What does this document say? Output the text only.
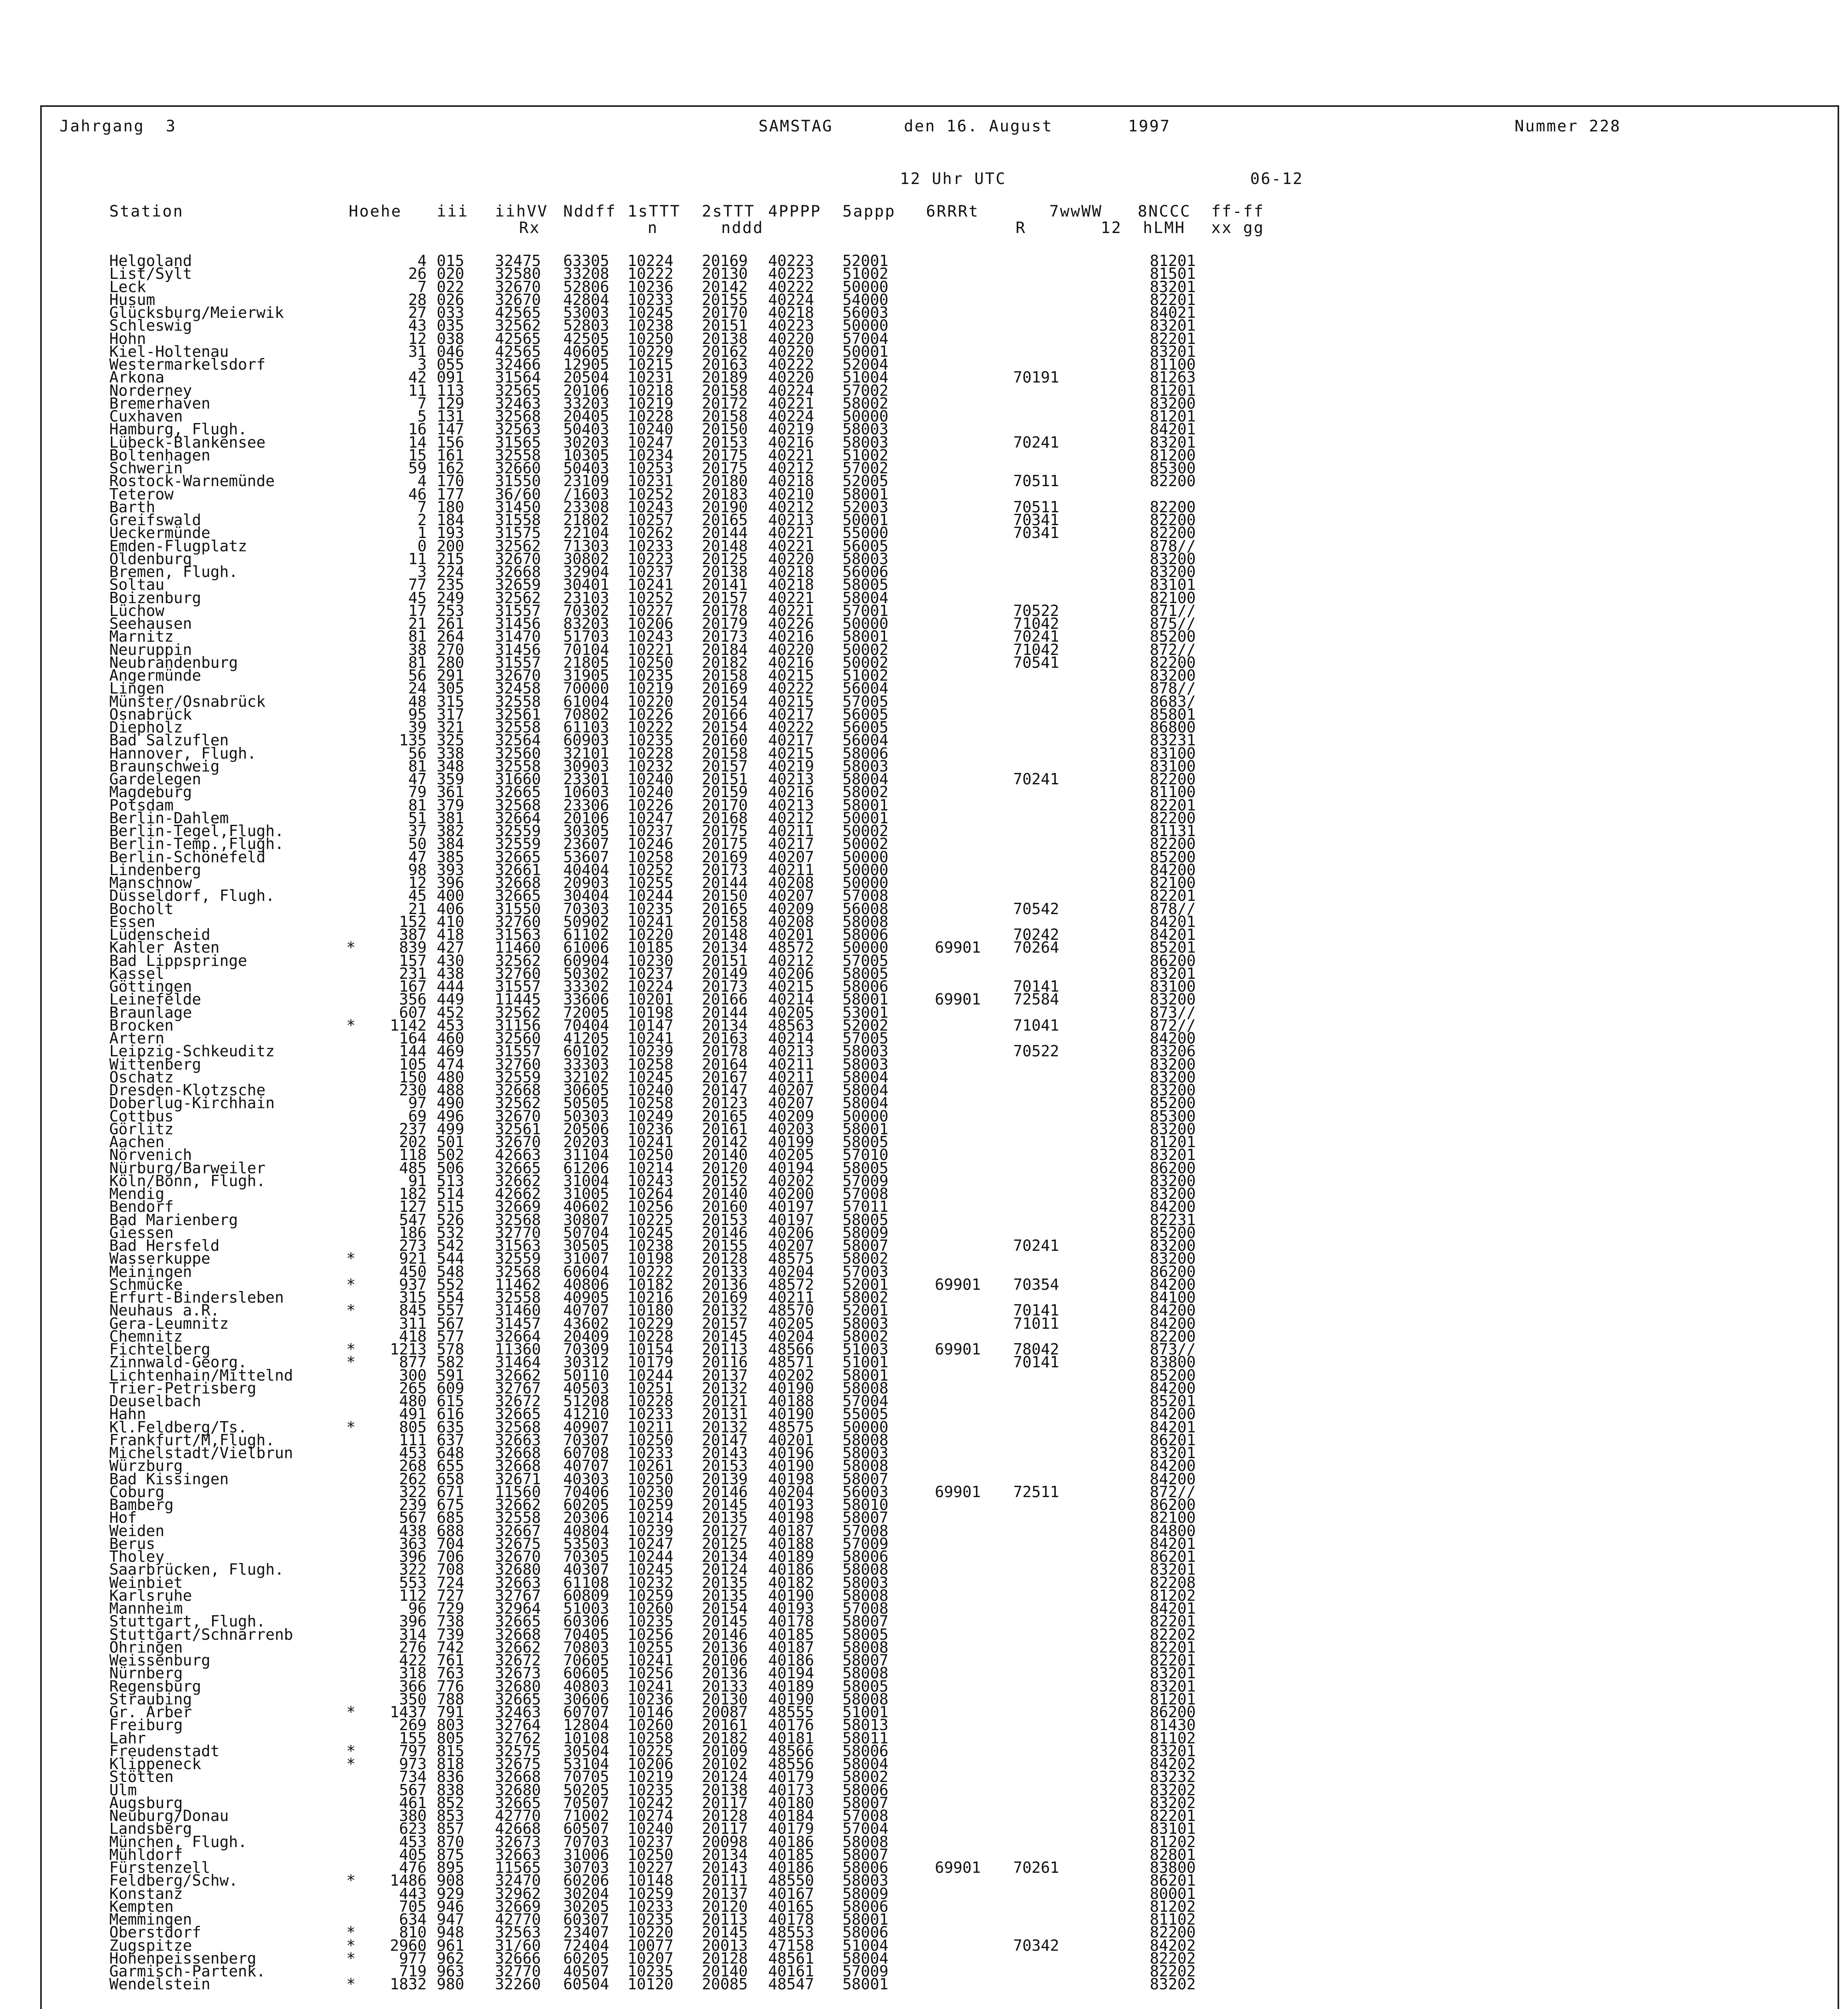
Jahrgang  3	SAMSTAG	den 16. August	1997	Nummer 228
12 Uhr UTC	06-12
Station	Hoehe iii iihVV Nddff 1sTTT 2sTTT 4PPPP 5appp 6RRRt	7wwWW 8NCCC ff-ff
Rx	n	nddd	R	12 hLMH xx gg
Helgoland	4 015 32475 63305 10224 20169 40223 52001	81201
List/Sylt	26 020 32580 33208 10222 20130 40223 51002	81501
Leck	7 022 32670 52806 10236 20142 40222 50000	83201
Husum	28 026 32670 42804 10233 20155 40224 54000	82201
Glücksburg/Meierwik	27 033 42565 53003 10245 20170 40218 56003	84021
Schleswig	43 035 32562 52803 10238 20151 40223 50000	83201
Hohn	12 038 42565 42505 10250 20138 40220 57004	82201
Kiel-Holtenau	31 046 42565 40605 10229 20162 40220 50001	83201
Westermarkelsdorf	3 055 32466 12905 10215 20163 40222 52004	81100
Arkona	42 091 31564 20504 10231 20189 40220 51004	70191	81263
Norderney	11 113 32565 20106 10218 20158 40224 57002	81201
Bremerhaven	7 129 32463 33203 10219 20172 40221 58002	83200
Cuxhaven	5 131 32568 20405 10228 20158 40224 50000	81201
Hamburg, Flugh.	16 147 32563 50403 10240 20150 40219 58003	84201
Lübeck-Blankensee	14 156 31565 30203 10247 20153 40216 58003	70241	83201
Boltenhagen	15 161 32558 10305 10234 20175 40221 51002	81200
Schwerin	59 162 32660 50403 10253 20175 40212 57002	85300
Rostock-Warnemünde	4 170 31550 23109 10231 20180 40218 52005	70511	82200
Teterow	46 177 36/60 /1603 10252 20183 40210 58001
Barth	7 180 31450 23308 10243 20190 40212 52003	70511	82200
Greifswald	2 184 31558 21802 10257 20165 40213 50001	70341	82200
Ueckermünde	1 193 31575 22104 10262 20144 40221 55000	70341	82200
Emden-Flugplatz	0 200 32562 71303 10233 20148 40221 56005	878//
Oldenburg	11 215 32670 30802 10223 20125 40220 58003	83200
Bremen, Flugh.	3 224 32668 32904 10237 20138 40218 56006	83200
Soltau	77 235 32659 30401 10241 20141 40218 58005	83101
Boizenburg	45 249 32562 23103 10252 20157 40221 58004	82100
Lüchow	17 253 31557 70302 10227 20178 40221 57001	70522	871//
Seehausen	21 261 31456 83203 10206 20179 40226 50000	71042	875//
Marnitz	81 264 31470 51703 10243 20173 40216 58001	70241	85200
Neuruppin	38 270 31456 70104 10221 20184 40220 50002	71042	872//
Neubrandenburg	81 280 31557 21805 10250 20182 40216 50002	70541	82200
Angermünde	56 291 32670 31905 10235 20158 40215 51002	83200
Lingen	24 305 32458 70000 10219 20169 40222 56004	878//
Münster/Osnabrück	48 315 32558 61004 10220 20154 40215 57005	8683/
Osnabrück	95 317 32561 70802 10226 20166 40217 56005	85801
Diepholz	39 321 32558 61103 10222 20154 40222 56005	86800
Bad Salzuflen	135 325 32564 60903 10235 20160 40217 56004	83231
Hannover, Flugh.	56 338 32560 32101 10228 20158 40215 58006	83100
Braunschweig	81 348 32558 30903 10232 20157 40219 58003	83100
Gardelegen	47 359 31660 23301 10240 20151 40213 58004	70241	82200
Magdeburg	79 361 32665 10603 10240 20159 40216 58002	81100
Potsdam	81 379 32568 23306 10226 20170 40213 58001	82201
Berlin-Dahlem	51 381 32664 20106 10247 20168 40212 50001	82200
Berlin-Tegel,Flugh.	37 382 32559 30305 10237 20175 40211 50002	81131
Berlin-Temp.,Flugh.	50 384 32559 23607 10246 20175 40217 50002	82200
Berlin-Schönefeld	47 385 32665 53607 10258 20169 40207 50000	85200
Lindenberg	98 393 32661 40404 10252 20173 40211 50000	84200
Manschnow	12 396 32668 20903 10255 20144 40208 50000	82100
Düsseldorf, Flugh.	45 400 32665 30404 10244 20150 40207 57008	82201
Bocholt	21 406 31550 70303 10235 20165 40209 56008	70542	878//
Essen	152 410 32760 50902 10241 20158 40208 58008	84201
Lüdenscheid	387 418 31563 61102 10220 20148 40201 58006	70242	84201
Kahler Asten	*	839 427 11460 61006 10185 20134 48572 50000	69901 70264	85201
Bad Lippspringe	157 430 32562 60904 10230 20151 40212 57005	86200
Kassel	231 438 32760 50302 10237 20149 40206 58005	83201
Göttingen	167 444 31557 33302 10224 20173 40215 58006	70141	83100
Leinefelde	356 449 11445 33606 10201 20166 40214 58001	69901 72584	83200
Braunlage	607 452 32562 72005 10198 20144 40205 53001	873//
Brocken	*	1142 453 31156 70404 10147 20134 48563 52002	71041	872//
Artern	164 460 32560 41205 10241 20163 40214 57005	84200
Leipzig-Schkeuditz	144 469 31557 60102 10239 20178 40213 58003	70522	83206
Wittenberg	105 474 32760 33303 10258 20164 40211 58003	83200
Oschatz	150 480 32559 32102 10245 20167 40211 58004	83200
Dresden-Klotzsche	230 488 32668 30605 10240 20147 40207 58004	83200
Doberlug-Kirchhain	97 490 32562 50505 10258 20123 40207 58004	85200
Cottbus	69 496 32670 50303 10249 20165 40209 50000	85300
Görlitz	237 499 32561 20506 10236 20161 40203 58001	83200
Aachen	202 501 32670 20203 10241 20142 40199 58005	81201
Nörvenich	118 502 42663 31104 10250 20140 40205 57010	83201
Nürburg/Barweiler	485 506 32665 61206 10214 20120 40194 58005	86200
Köln/Bonn, Flugh.	91 513 32662 31004 10243 20152 40202 57009	83200
Mendig	182 514 42662 31005 10264 20140 40200 57008	83200
Bendorf	127 515 32669 40602 10256 20160 40197 57011	84200
Bad Marienberg	547 526 32568 30807 10225 20153 40197 58005	82231
Giessen	186 532 32770 50704 10245 20146 40206 58009	85200
Bad Hersfeld	273 542 31563 30505 10238 20155 40207 58007	70241	83200
Wasserkuppe	*	921 544 32559 31007 10198 20128 48575 58002	83200
Meiningen	450 548 32568 60604 10222 20133 40204 57003	86200
Schmücke	*	937 552 11462 40806 10182 20136 48572 52001	69901 70354	84200
Erfurt-Bindersleben	315 554 32558 40905 10216 20169 40211 58002	84100
Neuhaus a.R.	*	845 557 31460 40707 10180 20132 48570 52001	70141	84200
Gera-Leumnitz	311 567 31457 43602 10229 20157 40205 58003	71011	84200
Chemnitz	418 577 32664 20409 10228 20145 40204 58002	82200
Fichtelberg	*	1213 578 11360 70309 10154 20113 48566 51003	69901 78042	873//
Zinnwald-Georg.	*	877 582 31464 30312 10179 20116 48571 51001	70141	83800
Lichtenhain/Mittelnd	300 591 32662 50110 10244 20137 40202 58001	85200
Trier-Petrisberg	265 609 32767 40503 10251 20132 40190 58008	84200
Deuselbach	480 615 32672 51208 10228 20121 40188 57004	85201
Hahn	491 616 32665 41210 10233 20131 40190 55005	84200
Kl.Feldberg/Ts.	*	805 635 32568 40907 10211 20132 48575 50000	84201
Frankfurt/M,Flugh.	111 637 32663 70307 10250 20147 40201 58008	86201
Michelstadt/Vielbrun	453 648 32668 60708 10233 20143 40196 58003	83201
Würzburg	268 655 32668 40707 10261 20153 40190 58008	84200
Bad Kissingen	262 658 32671 40303 10250 20139 40198 58007	84200
Coburg	322 671 11560 70406 10230 20146 40204 56003	69901 72511	872//
Bamberg	239 675 32662 60205 10259 20145 40193 58010	86200
Hof	567 685 32558 20306 10214 20135 40198 58007	82100
Weiden	438 688 32667 40804 10239 20127 40187 57008	84800
Berus	363 704 32675 53503 10247 20125 40188 57009	84201
Tholey	396 706 32670 70305 10244 20134 40189 58006	86201
Saarbrücken, Flugh.	322 708 32680 40307 10245 20124 40186 58008	83201
Weinbiet	553 724 32663 61108 10232 20135 40182 58003	82208
Karlsruhe	112 727 32767 60809 10259 20135 40190 58008	81202
Mannheim	96 729 32964 51003 10260 20154 40193 57008	84201
Stuttgart, Flugh.	396 738 32665 60306 10235 20145 40178 58007	82201
Stuttgart/Schnarrenb	314 739 32668 70405 10256 20146 40185 58005	82202
Öhringen	276 742 32662 70803 10255 20136 40187 58008	82201
Weissenburg	422 761 32672 70605 10241 20106 40186 58007	82201
Nürnberg	318 763 32673 60605 10256 20136 40194 58008	83201
Regensburg	366 776 32680 40803 10241 20133 40189 58005	83201
Straubing	350 788 32665 30606 10236 20130 40190 58008	81201
Gr. Arber	*	1437 791 32463 60707 10146 20087 48555 51001	86200
Freiburg	269 803 32764 12804 10260 20161 40176 58013	81430
Lahr	155 805 32762 10108 10258 20182 40181 58011	81102
Freudenstadt	*	797 815 32575 30504 10225 20109 48566 58006	83201
Klippeneck	*	973 818 32675 53104 10206 20102 48556 58004	84202
Stötten	734 836 32668 70705 10219 20124 40179 58002	83232
Ulm	567 838 32680 50205 10235 20138 40173 58006	83202
Augsburg	461 852 32665 70507 10242 20117 40180 58007	83202
Neuburg/Donau	380 853 42770 71002 10274 20128 40184 57008	82201
Landsberg	623 857 42668 60507 10240 20117 40179 57004	83101
München, Flugh.	453 870 32673 70703 10237 20098 40186 58008	81202
Mühldorf	405 875 32663 31006 10250 20134 40185 58007	82801
Fürstenzell	476 895 11565 30703 10227 20143 40186 58006	69901 70261	83800
Feldberg/Schw.	*	1486 908 32470 60206 10148 20111 48550 58003	86201
Konstanz	443 929 32962 30204 10259 20137 40167 58009	80001
Kempten	705 946 32669 30205 10233 20120 40165 58006	81202
Memmingen	634 947 42770 60307 10235 20113 40178 58001	81102
Oberstdorf	*	810 948 32563 23407 10220 20145 48553 58006	82200
Zugspitze	*	2960 961 31/60 72404 10077 20013 47158 51004	70342	84202
Hohenpeissenberg	*	977 962 32666 60205 10207 20128 48561 58004	82202
Garmisch-Partenk.	719 963 32770 40507 10235 20140 40161 57009	82202
Wendelstein	*	1832 980 32260 60504 10120 20085 48547 58001	83202
